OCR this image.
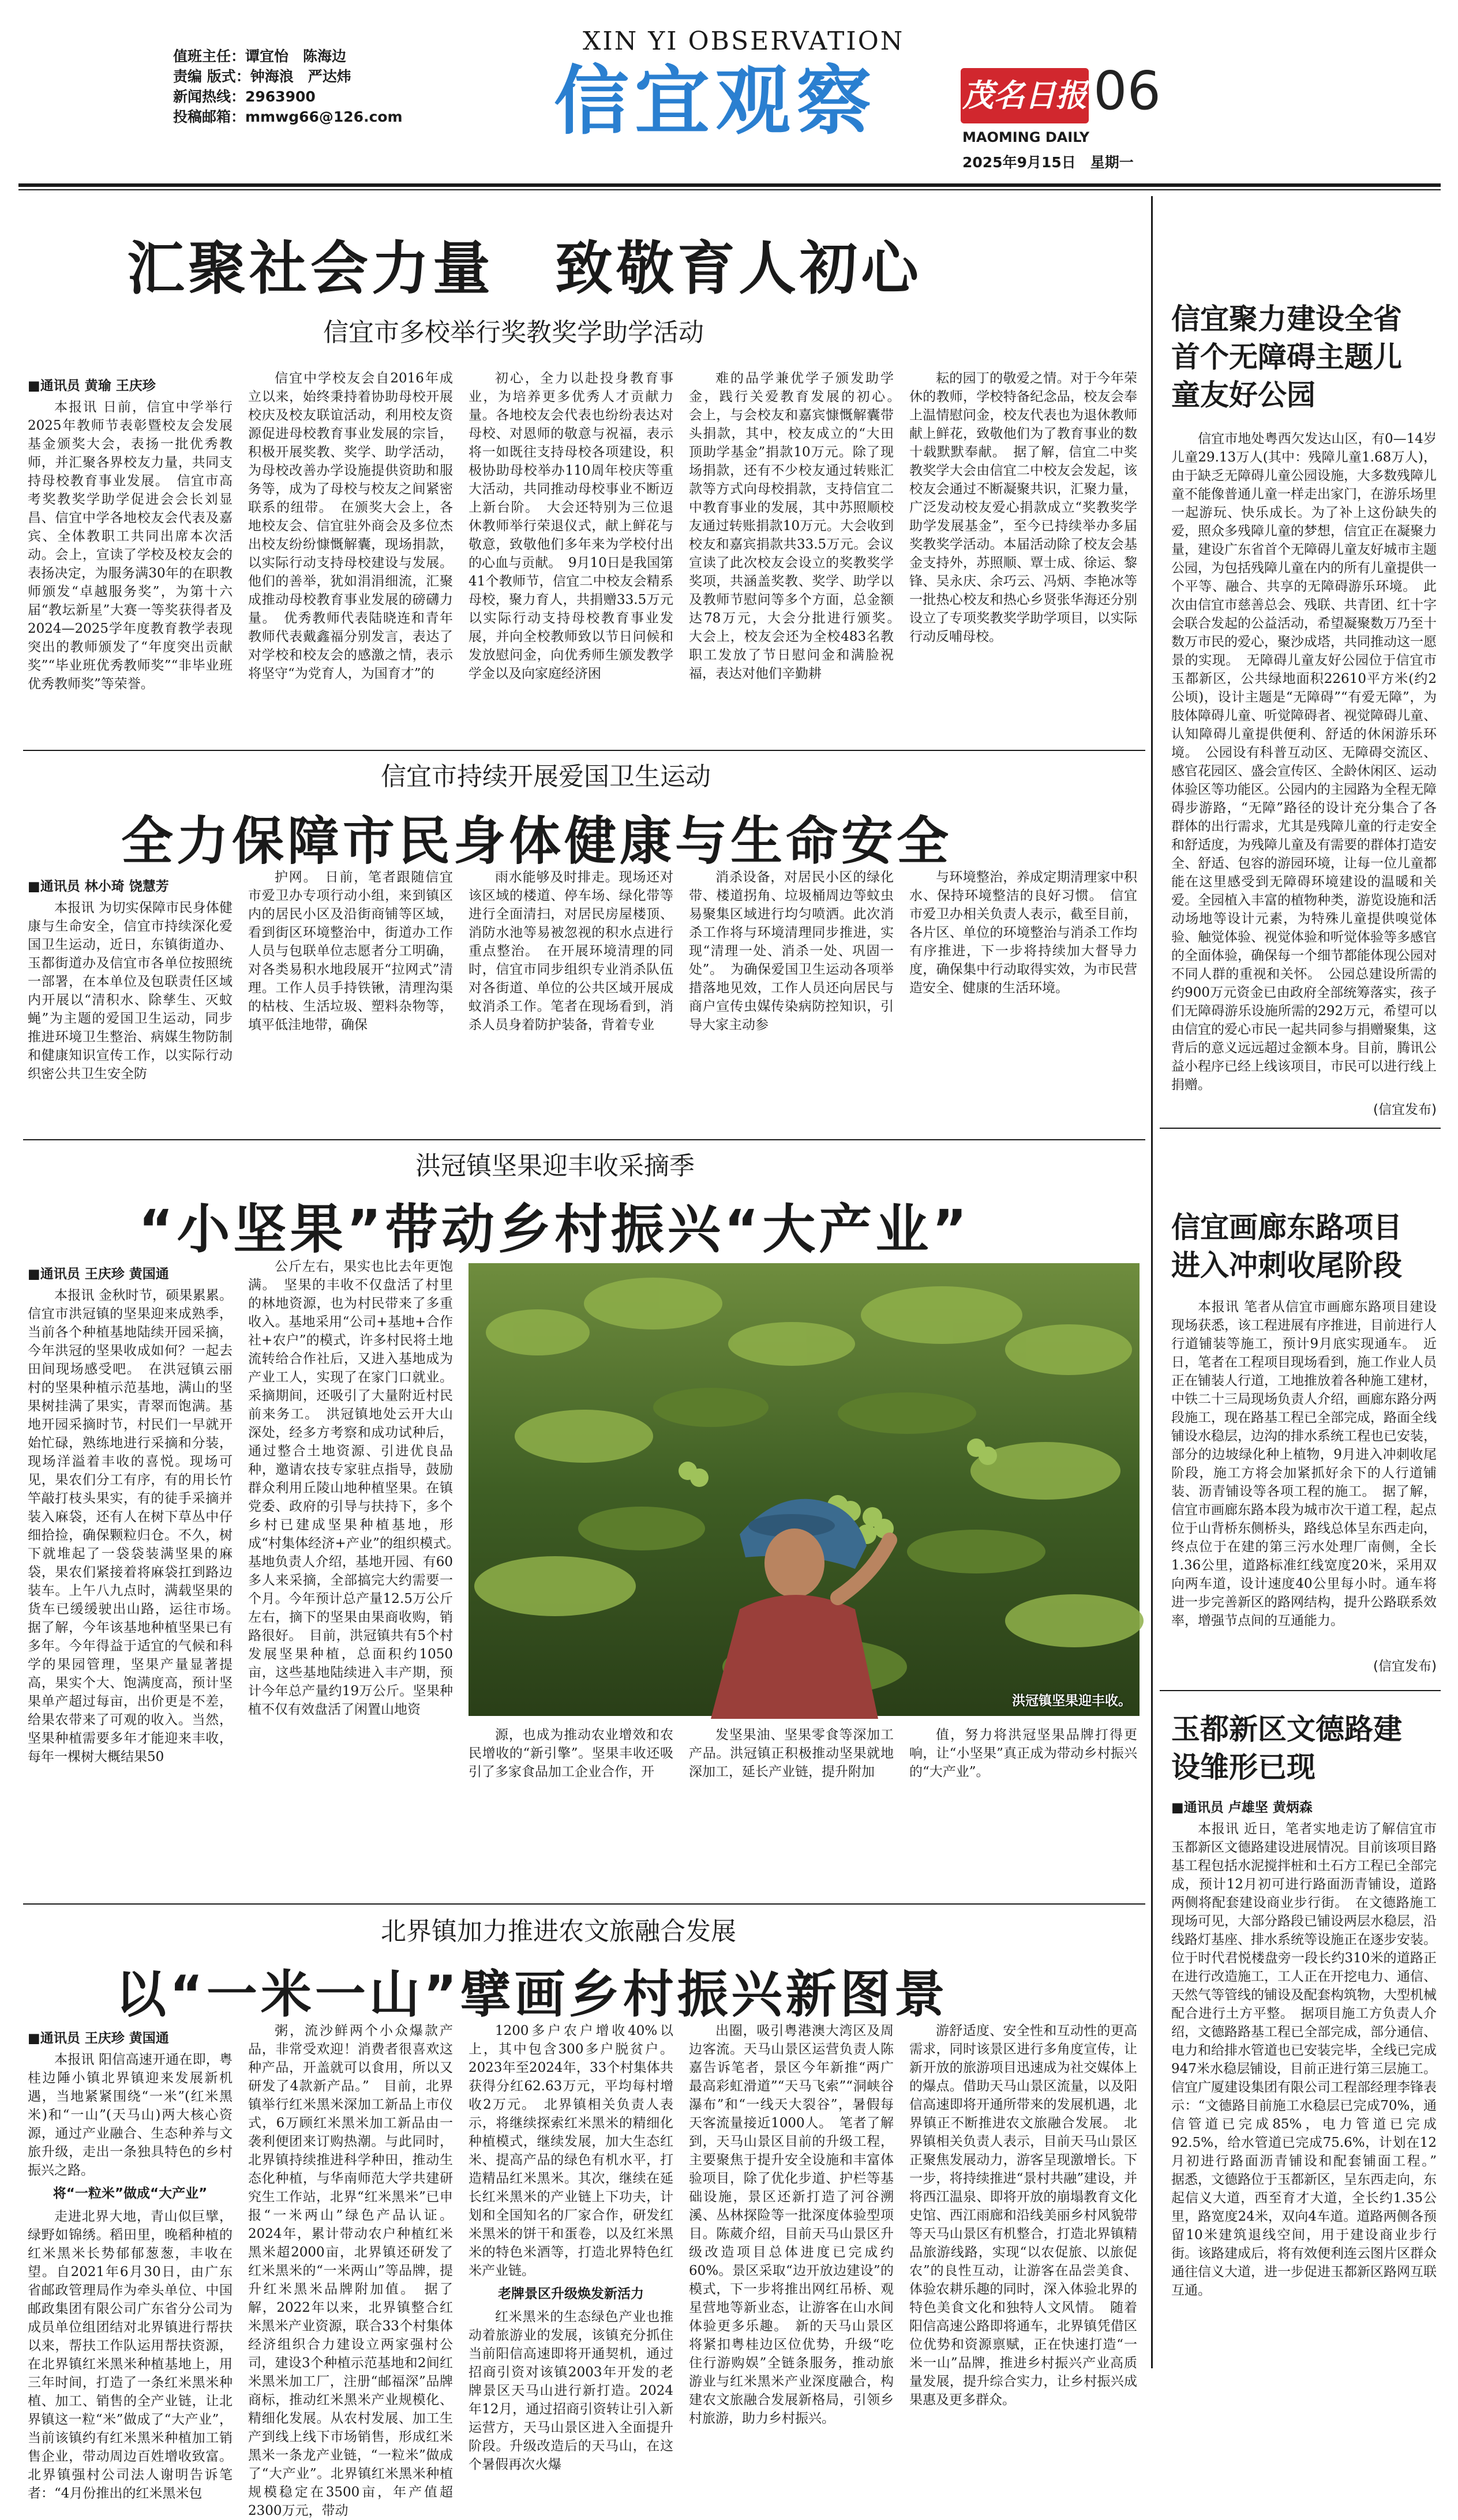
值班主任：谭宜怡　陈海边
责编 版式：钟海浪　严达炜
新闻热线：2963900
投稿邮箱：mmwg66@126.com
XIN YI OBSERVATION
信宜观察	茂名日报 06
MAOMING DAILY
2025年9月15日　星期一
汇聚社会力量　致敬育人初心
信宜市多校举行奖教奖学助学活动
■通讯员 黄瑜 王庆珍

本报讯 日前，信宜中学举行2025年教师节表彰暨校友会发展基金颁奖大会，表扬一批优秀教师，并汇聚各界校友力量，共同支持母校教育事业发展。　信宜市高考奖教奖学助学促进会会长刘显昌、信宜中学各地校友会代表及嘉宾、全体教职工共同出席本次活动。会上，宣读了学校及校友会的表扬决定，为服务满30年的在职教师颁发“卓越服务奖”，为第十六届“教坛新星”大赛一等奖获得者及2024—2025学年度教育教学表现突出的教师颁发了“年度突出贡献奖”“毕业班优秀教师奖”“非毕业班优秀教师奖”等荣誉。

信宜中学校友会自2016年成立以来，始终秉持着协助母校开展校庆及校友联谊活动，利用校友资源促进母校教育事业发展的宗旨，积极开展奖教、奖学、助学活动，为母校改善办学设施提供资助和服务等，成为了母校与校友之间紧密联系的纽带。　在颁奖大会上，各地校友会、信宜驻外商会及多位杰出校友纷纷慷慨解囊，现场捐款，以实际行动支持母校建设与发展。他们的善举，犹如涓涓细流，汇聚成推动母校教育事业发展的磅礴力量。　优秀教师代表陆晓连和青年教师代表戴鑫福分别发言，表达了对学校和校友会的感激之情，表示将坚守“为党育人，为国育才”的

初心，全力以赴投身教育事业，为培养更多优秀人才贡献力量。各地校友会代表也纷纷表达对母校、对恩师的敬意与祝福，表示将一如既往支持母校各项建设，积极协助母校举办110周年校庆等重大活动，共同推动母校事业不断迈上新台阶。　大会还特别为三位退休教师举行荣退仪式，献上鲜花与敬意，致敬他们多年来为学校付出的心血与贡献。　9月10日是我国第41个教师节，信宜二中校友会精系母校，聚力育人，共捐赠33.5万元以实际行动支持母校教育事业发展，并向全校教师致以节日问候和发放慰问金，向优秀师生颁发教学学金以及向家庭经济困

难的品学兼优学子颁发助学金，践行关爱教育发展的初心。　会上，与会校友和嘉宾慷慨解囊带头捐款，其中，校友成立的“大田顶助学基金”捐款10万元。除了现场捐款，还有不少校友通过转账汇款等方式向母校捐款，支持信宜二中教育事业的发展，其中苏照顺校友通过转账捐款10万元。大会收到校友和嘉宾捐款共33.5万元。会议宣读了此次校友会设立的奖教奖学奖项，共涵盖奖教、奖学、助学以及教师节慰问等多个方面，总金额达78万元，大会分批进行颁奖。　大会上，校友会还为全校483名教职工发放了节日慰问金和满脸祝福，表达对他们辛勤耕

耘的园丁的敬爱之情。对于今年荣休的教师，学校特备纪念品，校友会奉上温情慰问金，校友代表也为退休教师献上鲜花，致敬他们为了教育事业的数十载默默奉献。　据了解，信宜二中奖教奖学大会由信宜二中校友会发起，该校友会通过不断凝聚共识，汇聚力量，广泛发动校友爱心捐款成立“奖教奖学助学发展基金”，至今已持续举办多届奖教奖学活动。本届活动除了校友会基金支持外，苏照顺、覃士成、徐运、黎锋、吴永庆、余巧云、冯炳、李艳冰等一批热心校友和热心乡贤张华海还分别设立了专项奖教奖学助学项目，以实际行动反哺母校。

信宜市持续开展爱国卫生运动
全力保障市民身体健康与生命安全
■通讯员 林小琦 饶慧芳

本报讯 为切实保障市民身体健康与生命安全，信宜市持续深化爱国卫生运动，近日，东镇街道办、玉都街道办及信宜市各单位按照统一部署，在本单位及包联责任区域内开展以“清积水、除孳生、灭蚊蝇”为主题的爱国卫生运动，同步推进环境卫生整治、病媒生物防制和健康知识宣传工作，以实际行动织密公共卫生安全防

护网。　日前，笔者跟随信宜市爱卫办专项行动小组，来到镇区内的居民小区及沿街商铺等区域，看到街区环境整治中，街道办工作人员与包联单位志愿者分工明确，对各类易积水地段展开“拉网式”清理。工作人员手持铁锹，清理沟渠的枯枝、生活垃圾、塑料杂物等，填平低洼地带，确保

雨水能够及时排走。现场还对该区域的楼道、停车场、绿化带等进行全面清扫，对居民房屋楼顶、消防水池等易被忽视的积水点进行重点整治。　在开展环境清理的同时，信宜市同步组织专业消杀队伍对各街道、单位的公共区域开展成蚊消杀工作。笔者在现场看到，消杀人员身着防护装备，背着专业

消杀设备，对居民小区的绿化带、楼道拐角、垃圾桶周边等蚊虫易聚集区域进行均匀喷洒。此次消杀工作将与环境清理同步推进，实现“清理一处、消杀一处、巩固一处”。　为确保爱国卫生运动各项举措落地见效，工作人员还向居民与商户宣传虫媒传染病防控知识，引导大家主动参

与环境整治，养成定期清理家中积水、保持环境整洁的良好习惯。　信宜市爱卫办相关负责人表示，截至目前，各片区、单位的环境整治与消杀工作均有序推进，下一步将持续加大督导力度，确保集中行动取得实效，为市民营造安全、健康的生活环境。

洪冠镇坚果迎丰收采摘季
“小坚果”带动乡村振兴“大产业”
■通讯员 王庆珍 黄国通

本报讯 金秋时节，硕果累累。信宜市洪冠镇的坚果迎来成熟季，当前各个种植基地陆续开园采摘，今年洪冠的坚果收成如何？一起去田间现场感受吧。　在洪冠镇云丽村的坚果种植示范基地，满山的坚果树挂满了果实，青翠而饱满。基地开园采摘时节，村民们一早就开始忙碌，熟练地进行采摘和分装，现场洋溢着丰收的喜悦。现场可见，果农们分工有序，有的用长竹竿敲打枝头果实，有的徒手采摘并装入麻袋，还有人在树下草丛中仔细拾捡，确保颗粒归仓。不久，树下就堆起了一袋袋装满坚果的麻袋，果农们紧接着将麻袋扛到路边装车。上午八九点时，满载坚果的货车已缓缓驶出山路，运往市场。　据了解，今年该基地种植坚果已有多年。今年得益于适宜的气候和科学的果园管理，坚果产量显著提高，果实个大、饱满度高，预计坚果单产超过每亩，出价更是不差，给果农带来了可观的收入。当然，坚果种植需要多年才能迎来丰收，每年一棵树大概结果50

公斤左右，果实也比去年更饱满。　坚果的丰收不仅盘活了村里的林地资源，也为村民带来了多重收入。基地采用“公司+基地+合作社+农户”的模式，许多村民将土地流转给合作社后，又进入基地成为产业工人，实现了在家门口就业。采摘期间，还吸引了大量附近村民前来务工。　洪冠镇地处云开大山深处，经多方考察和成功试种后，通过整合土地资源、引进优良品种，邀请农技专家驻点指导，鼓励群众利用丘陵山地种植坚果。在镇党委、政府的引导与扶持下，多个乡村已建成坚果种植基地，形成“村集体经济+产业”的组织模式。　基地负责人介绍，基地开园、有60多人来采摘，全部搞完大约需要一个月。今年预计总产量12.5万公斤左右，摘下的坚果由果商收购，销路很好。　目前，洪冠镇共有5个村发展坚果种植，总面积约1050亩，这些基地陆续进入丰产期，预计今年总产量约19万公斤。坚果种植不仅有效盘活了闲置山地资

洪冠镇坚果迎丰收。

源，也成为推动农业增效和农民增收的“新引擎”。坚果丰收还吸引了多家食品加工企业合作，开

发坚果油、坚果零食等深加工产品。洪冠镇正积极推动坚果就地深加工，延长产业链，提升附加

值，努力将洪冠坚果品牌打得更响，让“小坚果”真正成为带动乡村振兴的“大产业”。

北界镇加力推进农文旅融合发展
以“一米一山”擘画乡村振兴新图景
■通讯员 王庆珍 黄国通

本报讯 阳信高速开通在即，粤桂边陲小镇北界镇迎来发展新机遇，当地紧紧围绕“一米”(红米黑米)和“一山”(天马山)两大核心资源，通过产业融合、生态种养与文旅升级，走出一条独具特色的乡村振兴之路。

将“一粒米”做成“大产业”

走进北界大地，青山似巨擘，绿野如锦绣。稻田里，晚稻种植的红米黑米长势郁郁葱葱，丰收在望。自2021年6月30日，由广东省邮政管理局作为牵头单位、中国邮政集团有限公司广东省分公司为成员单位组团结对北界镇进行帮扶以来，帮扶工作队运用帮扶资源，在北界镇红米黑米种植基地上，用三年时间，打造了一条红米黑米种植、加工、销售的全产业链，让北界镇这一粒“米”做成了“大产业”，当前该镇约有红米黑米种植加工销售企业，带动周边百姓增收致富。北界镇强村公司法人谢明告诉笔者：“4月份推出的红米黑米包

粥，流沙鲜两个小众爆款产品，非常受欢迎！消费者很喜欢这种产品，开盖就可以食用，所以又研发了4款新产品。”　目前，北界镇举行红米黑米深加工新品上市仪式，6万顾红米黑米加工新品由一袭利便团来订购热潮。与此同时，北界镇持续推进科学种田，推动生态化种植，与华南师范大学共建研究生工作站，北界“红米黑米”已申报“一米两山”绿色产品认证。2024年，累计带动农户种植红米黑米超2000亩，北界镇还研发了红米黑米的“一米两山”等品牌，提升红米黑米品牌附加值。　据了解，2022年以来，北界镇整合红米黑米产业资源，联合33个村集体经济组织合力建设立两家强村公司，建设3个种植示范基地和2间红米黑米加工厂，注册“邮福深”品牌商标，推动红米黑米产业规模化、精细化发展。从农村发展、加工生产到线上线下市场销售，形成红米黑米一条龙产业链，“一粒米”做成了“大产业”。北界镇红米黑米种植规模稳定在3500亩，年产值超2300万元，带动

1200多户农户增收40%以上，其中包含300多户脱贫户。2023年至2024年，33个村集体共获得分红62.63万元，平均每村增收2万元。　北界镇相关负责人表示，将继续探索红米黑米的精细化种植模式，继续发展，加大生态红米、提高产品的绿色有机水平，打造精品红米黑米。其次，继续在延长红米黑米的产业链上下功夫，计划和全国知名的厂家合作，研发红米黑米的饼干和蛋卷，以及红米黑米的特色米酒等，打造北界特色红米产业链。

老牌景区升级焕发新活力

红米黑米的生态绿色产业也推动着旅游业的发展，该镇充分抓住当前阳信高速即将开通契机，通过招商引资对该镇2003年开发的老牌景区天马山进行新打造。2024年12月，通过招商引资转让引入新运营方，天马山景区进入全面提升阶段。升级改造后的天马山，在这个暑假再次火爆

出圈，吸引粤港澳大湾区及周边客流。天马山景区运营负责人陈嘉告诉笔者，景区今年新推“两广最高彩虹滑道”“天马飞索”“洞峡谷瀑布”和“一线天大裂谷”，暑假每天客流量接近1000人。　笔者了解到，天马山景区目前的升级工程，主要聚焦于提升安全设施和丰富体验项目，除了优化步道、护栏等基础设施，景区还新打造了河谷溯溪、丛林探险等一批深度体验型项目。陈葳介绍，目前天马山景区升级改造项目总体进度已完成约60%。景区采取“边开放边建设”的模式，下一步将推出网红吊桥、观星营地等新业态，让游客在山水间体验更多乐趣。　新的天马山景区将紧扣粤桂边区位优势，升级“吃住行游购娱”全链条服务，推动旅游业与红米黑米产业深度融合，构建农文旅融合发展新格局，引领乡村旅游，助力乡村振兴。

游舒适度、安全性和互动性的更高需求，同时该景区进行多角度宣传，让新开放的旅游项目迅速成为社交媒体上的爆点。借助天马山景区流量，以及阳信高速即将开通所带来的发展机遇，北界镇正不断推进农文旅融合发展。　北界镇相关负责人表示，目前天马山景区正聚焦发展动力，游客呈现激增长。下一步，将持续推进“景村共融”建设，并将西江温泉、即将开放的崩塌教育文化史馆、西江雨廊和沿线美丽乡村风貌带等天马山景区有机整合，打造北界镇精品旅游线路，实现“以农促旅、以旅促农”的良性互动，让游客在品尝美食、体验农耕乐趣的同时，深入体验北界的特色美食文化和独特人文风情。　随着阳信高速公路即将通车，北界镇凭借区位优势和资源禀赋，正在快速打造“一米一山”品牌，推进乡村振兴产业高质量发展，提升综合实力，让乡村振兴成果惠及更多群众。

信宜聚力建设全省首个无障碍主题儿童友好公园

信宜市地处粤西欠发达山区，有0—14岁儿童29.13万人(其中：残障儿童1.68万人)，由于缺乏无障碍儿童公园设施，大多数残障儿童不能像普通儿童一样走出家门，在游乐场里一起游玩、快乐成长。为了补上这份缺失的爱，照众多残障儿童的梦想，信宜正在凝聚力量，建设广东省首个无障碍儿童友好城市主题公园，为包括残障儿童在内的所有儿童提供一个平等、融合、共享的无障碍游乐环境。　此次由信宜市慈善总会、残联、共青团、红十字会联合发起的公益活动，希望凝聚数万乃至十数万市民的爱心，聚沙成塔，共同推动这一愿景的实现。　无障碍儿童友好公园位于信宜市玉都新区，公共绿地面积22610平方米(约2公顷)，设计主题是“无障碍”“有爱无障”，为肢体障碍儿童、听觉障碍者、视觉障碍儿童、认知障碍儿童提供便利、舒适的休闲游乐环境。　公园设有科普互动区、无障碍交流区、感官花园区、盛会宣传区、全龄休闲区、运动体验区等功能区。公园内的主园路为全程无障碍步游路，“无障”路径的设计充分集合了各群体的出行需求，尤其是残障儿童的行走安全和舒适度，为残障儿童及有需要的群体打造安全、舒适、包容的游园环境，让每一位儿童都能在这里感受到无障碍环境建设的温暖和关爱。全园植入丰富的植物种类，游览设施和活动场地等设计元素，为特殊儿童提供嗅觉体验、触觉体验、视觉体验和听觉体验等多感官的全面体验，确保每一个细节都能体现公园对不同人群的重视和关怀。　公园总建设所需的约900万元资金已由政府全部统筹落实，孩子们无障碍游乐设施所需的292万元，希望可以由信宜的爱心市民一起共同参与捐赠聚集，这背后的意义远远超过金额本身。目前，腾讯公益小程序已经上线该项目，市民可以进行线上捐赠。

(信宜发布)
信宜画廊东路项目进入冲刺收尾阶段

本报讯 笔者从信宜市画廊东路项目建设现场获悉，该工程进展有序推进，目前进行人行道铺装等施工，预计9月底实现通车。　近日，笔者在工程项目现场看到，施工作业人员正在铺装人行道，工地推放着各种施工建材，中铁二十三局现场负责人介绍，画廊东路分两段施工，现在路基工程已全部完成，路面全线铺设水稳层，边沟的排水系统工程也已安装，部分的边坡绿化种上植物，9月进入冲刺收尾阶段，施工方将会加紧抓好余下的人行道铺装、沥青铺设等各项工程的施工。　据了解，信宜市画廊东路本段为城市次干道工程，起点位于山背桥东侧桥头，路线总体呈东西走向，终点位于在建的第三污水处理厂南侧，全长1.36公里，道路标准红线宽度20米，采用双向两车道，设计速度40公里每小时。通车将进一步完善新区的路网结构，提升公路联系效率，增强节点间的互通能力。

(信宜发布)
玉都新区文德路建设雏形已现
■通讯员 卢雄坚 黄炳森

本报讯 近日，笔者实地走访了解信宜市玉都新区文德路建设进展情况。目前该项目路基工程包括水泥搅拌桩和土石方工程已全部完成，预计12月初可进行路面沥青铺设，道路两侧将配套建设商业步行街。　在文德路施工现场可见，大部分路段已铺设两层水稳层，沿线路灯基座、排水系统等设施正在逐步安装。位于时代君悦楼盘旁一段长约310米的道路正在进行改造施工，工人正在开挖电力、通信、天然气等管线的铺设及配套构筑物，大型机械配合进行土方平整。　据项目施工方负责人介绍，文德路路基工程已全部完成，部分通信、电力和给排水管道也已安装完毕，全线已完成947米水稳层铺设，目前正进行第三层施工。信宜广厦建设集团有限公司工程部经理李锋表示：“文德路目前施工水稳层已完成70%，通信管道已完成85%，电力管道已完成92.5%，给水管道已完成75.6%，计划在12月初进行路面沥青铺设和配套铺面工程。”　据悉，文德路位于玉都新区，呈东西走向，东起信义大道，西至育才大道，全长约1.35公里，路宽度24米，双向4车道。道路两侧各预留10米建筑退线空间，用于建设商业步行街。该路建成后，将有效便利连云图片区群众通往信义大道，进一步促进玉都新区路网互联互通。
